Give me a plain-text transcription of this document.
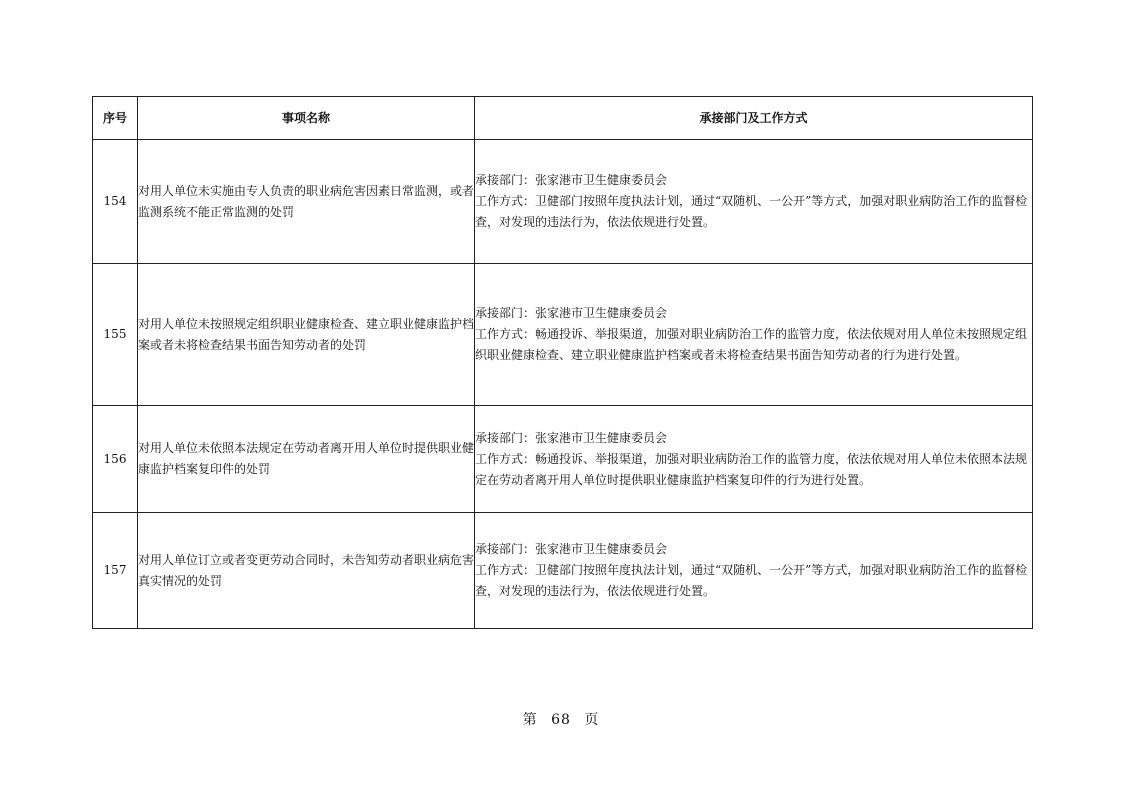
序号	事项名称	承接部门及工作方式
154	对用人单位未实施由专人负责的职业病危害因素日常监测，或者监测系统不能正常监测的处罚	承接部门：张家港市卫生健康委员会
工作方式：卫健部门按照年度执法计划，通过“双随机、一公开”等方式，加强对职业病防治工作的监督检查，对发现的违法行为，依法依规进行处置。

155	对用人单位未按照规定组织职业健康检查、建立职业健康监护档案或者未将检查结果书面告知劳动者的处罚	承接部门：张家港市卫生健康委员会
工作方式：畅通投诉、举报渠道，加强对职业病防治工作的监管力度，依法依规对用人单位未按照规定组织职业健康检查、建立职业健康监护档案或者未将检查结果书面告知劳动者的行为进行处置。

156	对用人单位未依照本法规定在劳动者离开用人单位时提供职业健康监护档案复印件的处罚	承接部门：张家港市卫生健康委员会
工作方式：畅通投诉、举报渠道，加强对职业病防治工作的监管力度，依法依规对用人单位未依照本法规定在劳动者离开用人单位时提供职业健康监护档案复印件的行为进行处置。

157	对用人单位订立或者变更劳动合同时，未告知劳动者职业病危害真实情况的处罚	承接部门：张家港市卫生健康委员会
工作方式：卫健部门按照年度执法计划，通过“双随机、一公开”等方式，加强对职业病防治工作的监督检查，对发现的违法行为，依法依规进行处置。
第 68 页
